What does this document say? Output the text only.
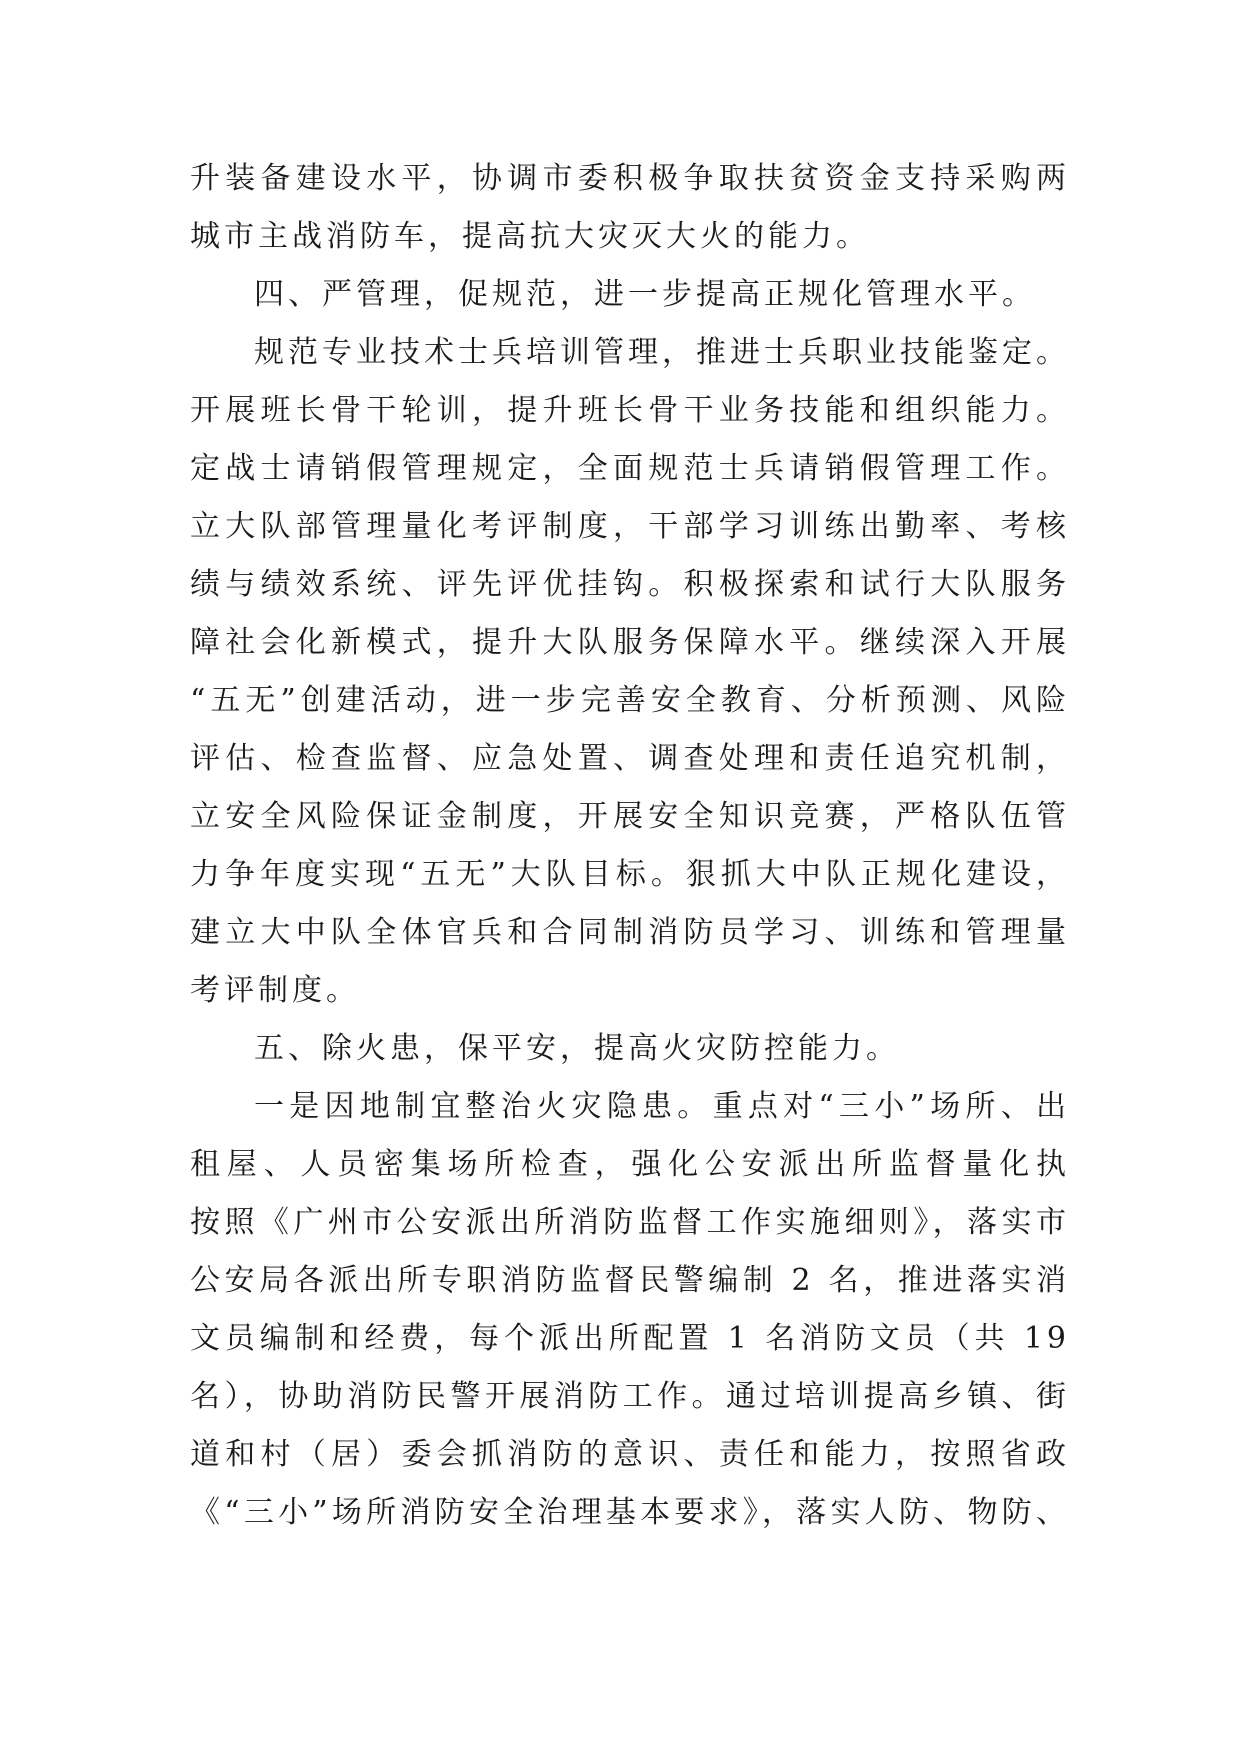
升装备建设水平，协调市委积极争取扶贫资金支持采购两
城市主战消防车，提高抗大灾灭大火的能力。
四、严管理，促规范，进一步提高正规化管理水平。
规范专业技术士兵培训管理，推进士兵职业技能鉴定。
开展班长骨干轮训，提升班长骨干业务技能和组织能力。
定战士请销假管理规定，全面规范士兵请销假管理工作。
立大队部管理量化考评制度，干部学习训练出勤率、考核
绩与绩效系统、评先评优挂钩。积极探索和试行大队服务
障社会化新模式，提升大队服务保障水平。继续深入开展
“五无”创建活动，进一步完善安全教育、分析预测、风险
评估、检查监督、应急处置、调查处理和责任追究机制，
立安全风险保证金制度，开展安全知识竞赛，严格队伍管
力争年度实现“五无”大队目标。狠抓大中队正规化建设，
建立大中队全体官兵和合同制消防员学习、训练和管理量
考评制度。
五、除火患，保平安，提高火灾防控能力。
一是因地制宜整治火灾隐患。重点对“三小”场所、出
租屋、人员密集场所检查，强化公安派出所监督量化执
按照《广州市公安派出所消防监督工作实施细则》，落实市
公安局各派出所专职消防监督民警编制 2 名，推进落实消
文员编制和经费，每个派出所配置 1 名消防文员（共 19
名），协助消防民警开展消防工作。通过培训提高乡镇、街
道和村（居）委会抓消防的意识、责任和能力，按照省政
《“三小”场所消防安全治理基本要求》，落实人防、物防、
